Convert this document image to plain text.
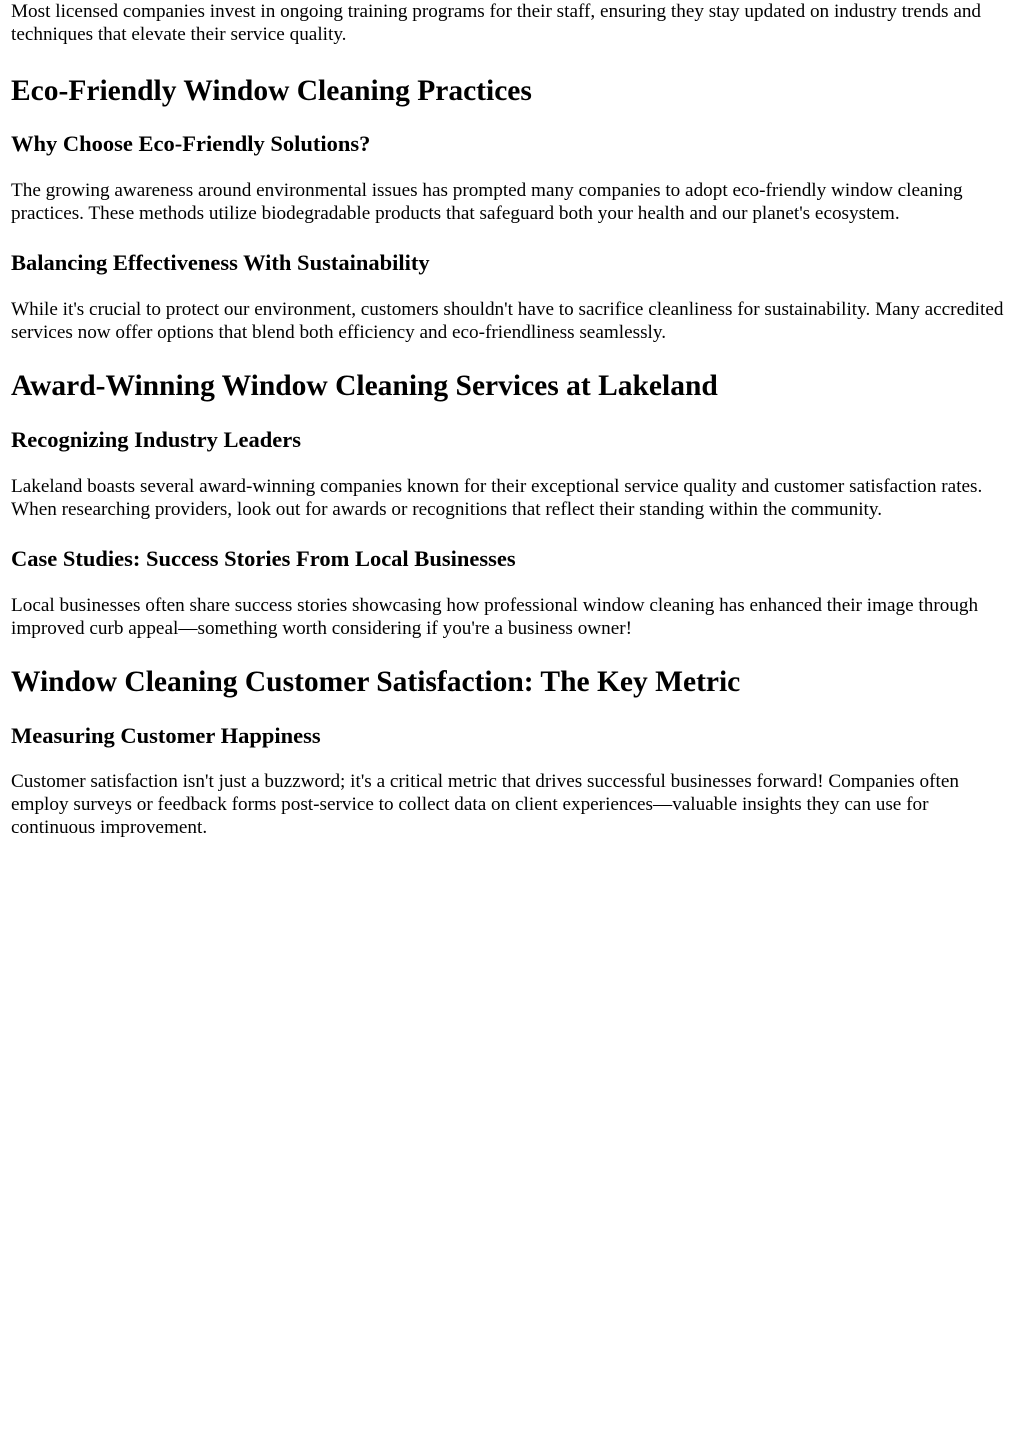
Most licensed companies invest in ongoing training programs for their staff, ensuring they stay updated on industry trends and techniques that elevate their service quality.

Eco-Friendly Window Cleaning Practices
Why Choose Eco-Friendly Solutions?

The growing awareness around environmental issues has prompted many companies to adopt eco-friendly window cleaning practices. These methods utilize biodegradable products that safeguard both your health and our planet's ecosystem.

Balancing Effectiveness With Sustainability

While it's crucial to protect our environment, customers shouldn't have to sacrifice cleanliness for sustainability. Many accredited services now offer options that blend both efficiency and eco-friendliness seamlessly.

Award-Winning Window Cleaning Services at Lakeland
Recognizing Industry Leaders

Lakeland boasts several award-winning companies known for their exceptional service quality and customer satisfaction rates. When researching providers, look out for awards or recognitions that reflect their standing within the community.

Case Studies: Success Stories From Local Businesses

Local businesses often share success stories showcasing how professional window cleaning has enhanced their image through improved curb appeal—something worth considering if you're a business owner!

Window Cleaning Customer Satisfaction: The Key Metric
Measuring Customer Happiness

Customer satisfaction isn't just a buzzword; it's a critical metric that drives successful businesses forward! Companies often employ surveys or feedback forms post-service to collect data on client experiences—valuable insights they can use for continuous improvement.
